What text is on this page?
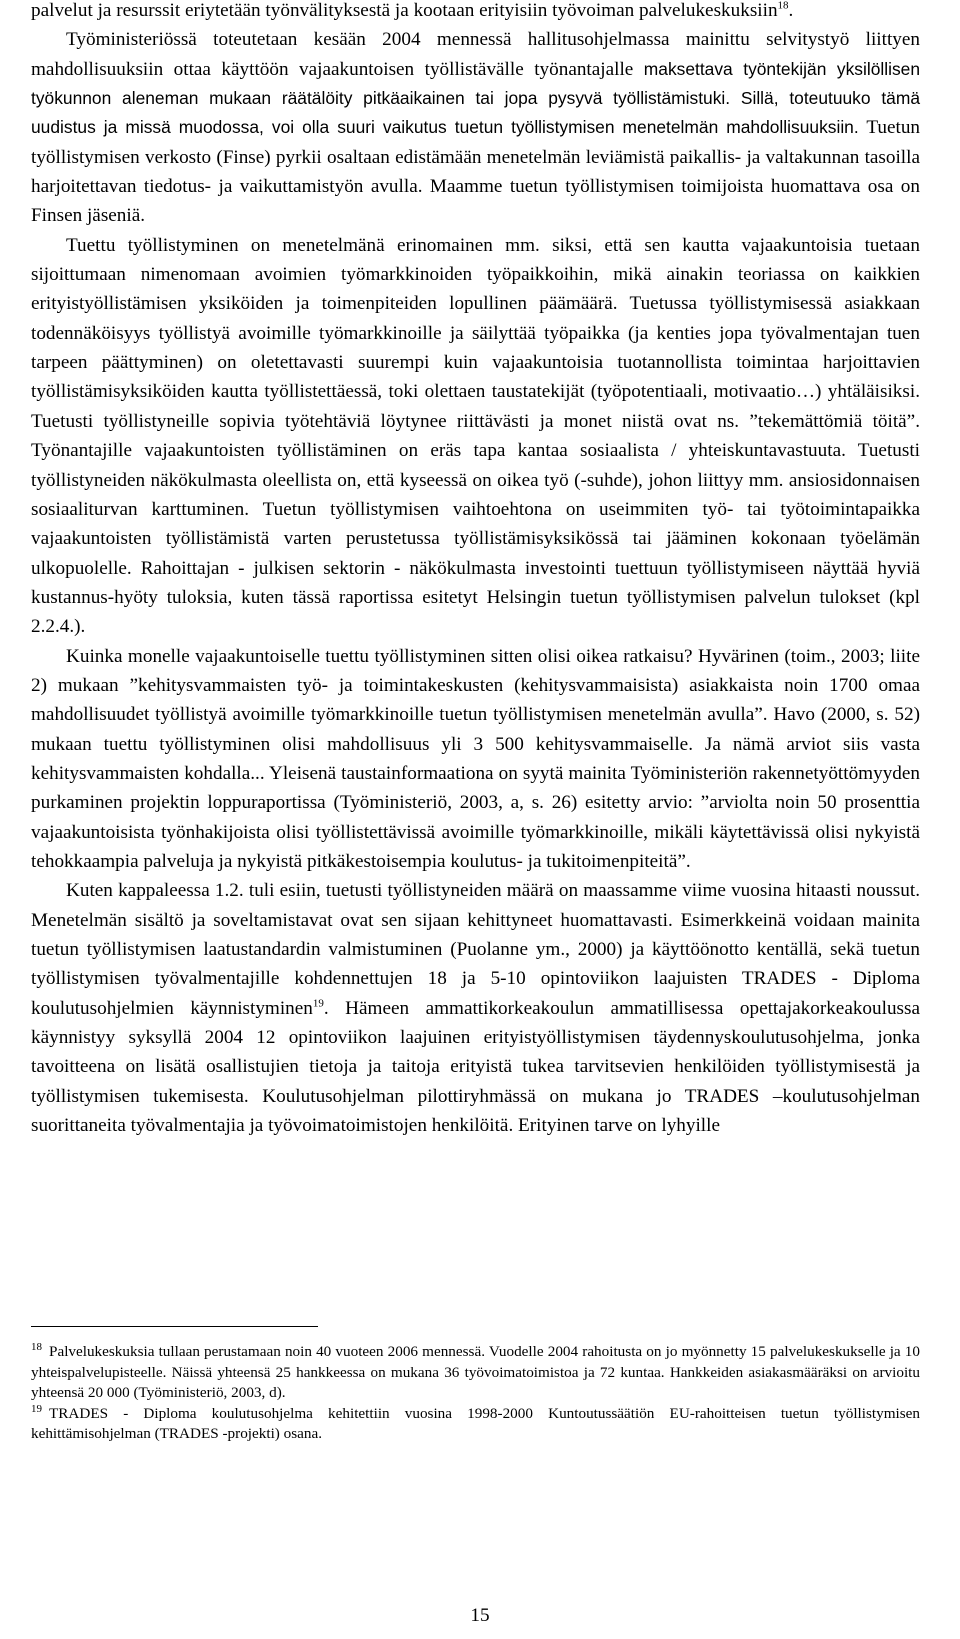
palvelut ja resurssit eriytetään työnvälityksestä ja kootaan erityisiin työvoiman palvelukeskuksiin$^{18}$.

Työministeriössä toteutetaan kesään 2004 mennessä hallitusohjelmassa mainittu selvitystyö liittyen mahdollisuuksiin ottaa käyttöön vajaakuntoisen työllistävälle työnantajalle maksettava työntekijän yksilöllisen työkunnon aleneman mukaan räätälöity pitkäaikainen tai jopa pysyvä työllistämistuki. Sillä, toteutuuko tämä uudistus ja missä muodossa, voi olla suuri vaikutus tuetun työllistymisen menetelmän mahdollisuuksiin. Tuetun työllistymisen verkosto (Finse) pyrkii osaltaan edistämään menetelmän leviämistä paikallis- ja valtakunnan tasoilla harjoitettavan tiedotus- ja vaikuttamistyön avulla. Maamme tuetun työllistymisen toimijoista huomattava osa on Finsen jäseniä.

Tuettu työllistyminen on menetelmänä erinomainen mm. siksi, että sen kautta vajaakuntoisia tuetaan sijoittumaan nimenomaan avoimien työmarkkinoiden työpaikkoihin, mikä ainakin teoriassa on kaikkien erityistyöllistämisen yksiköiden ja toimenpiteiden lopullinen päämäärä. Tuetussa työllistymisessä asiakkaan todennäköisyys työllistyä avoimille työmarkkinoille ja säilyttää työpaikka (ja kenties jopa työvalmentajan tuen tarpeen päättyminen) on oletettavasti suurempi kuin vajaakuntoisia tuotannollista toimintaa harjoittavien työllistämisyksiköiden kautta työllistettäessä, toki olettaen taustatekijät (työpotentiaali, motivaatio…) yhtäläisiksi. Tuetusti työllistyneille sopivia työtehtäviä löytynee riittävästi ja monet niistä ovat ns. ”tekemättömiä töitä”. Työnantajille vajaakuntoisten työllistäminen on eräs tapa kantaa sosiaalista / yhteiskuntavastuuta. Tuetusti työllistyneiden näkökulmasta oleellista on, että kyseessä on oikea työ (-suhde), johon liittyy mm. ansiosidonnaisen sosiaaliturvan karttuminen. Tuetun työllistymisen vaihtoehtona on useimmiten työ- tai työtoimintapaikka vajaakuntoisten työllistämistä varten perustetussa työllistämisyksikössä tai jääminen kokonaan työelämän ulkopuolelle. Rahoittajan - julkisen sektorin - näkökulmasta investointi tuettuun työllistymiseen näyttää hyviä kustannus-hyöty tuloksia, kuten tässä raportissa esitetyt Helsingin tuetun työllistymisen palvelun tulokset (kpl 2.2.4.).

Kuinka monelle vajaakuntoiselle tuettu työllistyminen sitten olisi oikea ratkaisu? Hyvärinen (toim., 2003; liite 2) mukaan ”kehitysvammaisten työ- ja toimintakeskusten (kehitysvammaisista) asiakkaista noin 1700 omaa mahdollisuudet työllistyä avoimille työmarkkinoille tuetun työllistymisen menetelmän avulla”. Havo (2000, s. 52) mukaan tuettu työllistyminen olisi mahdollisuus yli 3 500 kehitysvammaiselle. Ja nämä arviot siis vasta kehitysvammaisten kohdalla... Yleisenä taustainformaationa on syytä mainita Työministeriön rakennetyöttömyyden purkaminen projektin loppuraportissa (Työministeriö, 2003, a, s. 26) esitetty arvio: ”arviolta noin 50 prosenttia vajaakuntoisista työnhakijoista olisi työllistettävissä avoimille työmarkkinoille, mikäli käytettävissä olisi nykyistä tehokkaampia palveluja ja nykyistä pitkäkestoisempia koulutus- ja tukitoimenpiteitä”.

Kuten kappaleessa 1.2. tuli esiin, tuetusti työllistyneiden määrä on maassamme viime vuosina hitaasti noussut. Menetelmän sisältö ja soveltamistavat ovat sen sijaan kehittyneet huomattavasti. Esimerkkeinä voidaan mainita tuetun työllistymisen laatustandardin valmistuminen (Puolanne ym., 2000) ja käyttöönotto kentällä, sekä tuetun työllistymisen työvalmentajille kohdennettujen 18 ja 5-10 opintoviikon laajuisten TRADES - Diploma koulutusohjelmien käynnistyminen$^{19}$. Hämeen ammattikorkeakoulun ammatillisessa opettajakorkeakoulussa käynnistyy syksyllä 2004 12 opintoviikon laajuinen erityistyöllistymisen täydennyskoulutusohjelma, jonka tavoitteena on lisätä osallistujien tietoja ja taitoja erityistä tukea tarvitsevien henkilöiden työllistymisestä ja työllistymisen tukemisesta. Koulutusohjelman pilottiryhmässä on mukana jo TRADES –koulutusohjelman suorittaneita työvalmentajia ja työvoimatoimistojen henkilöitä. Erityinen tarve on lyhyille

$^{18}$ Palvelukeskuksia tullaan perustamaan noin 40 vuoteen 2006 mennessä. Vuodelle 2004 rahoitusta on jo myönnetty 15 palvelukeskukselle ja 10 yhteispalvelupisteelle. Näissä yhteensä 25 hankkeessa on mukana 36 työvoimatoimistoa ja 72 kuntaa. Hankkeiden asiakasmääräksi on arvioitu yhteensä 20 000 (Työministeriö, 2003, d).

$^{19}$ TRADES - Diploma koulutusohjelma kehitettiin vuosina 1998-2000 Kuntoutussäätiön EU-rahoitteisen tuetun työllistymisen kehittämisohjelman (TRADES -projekti) osana.

15
